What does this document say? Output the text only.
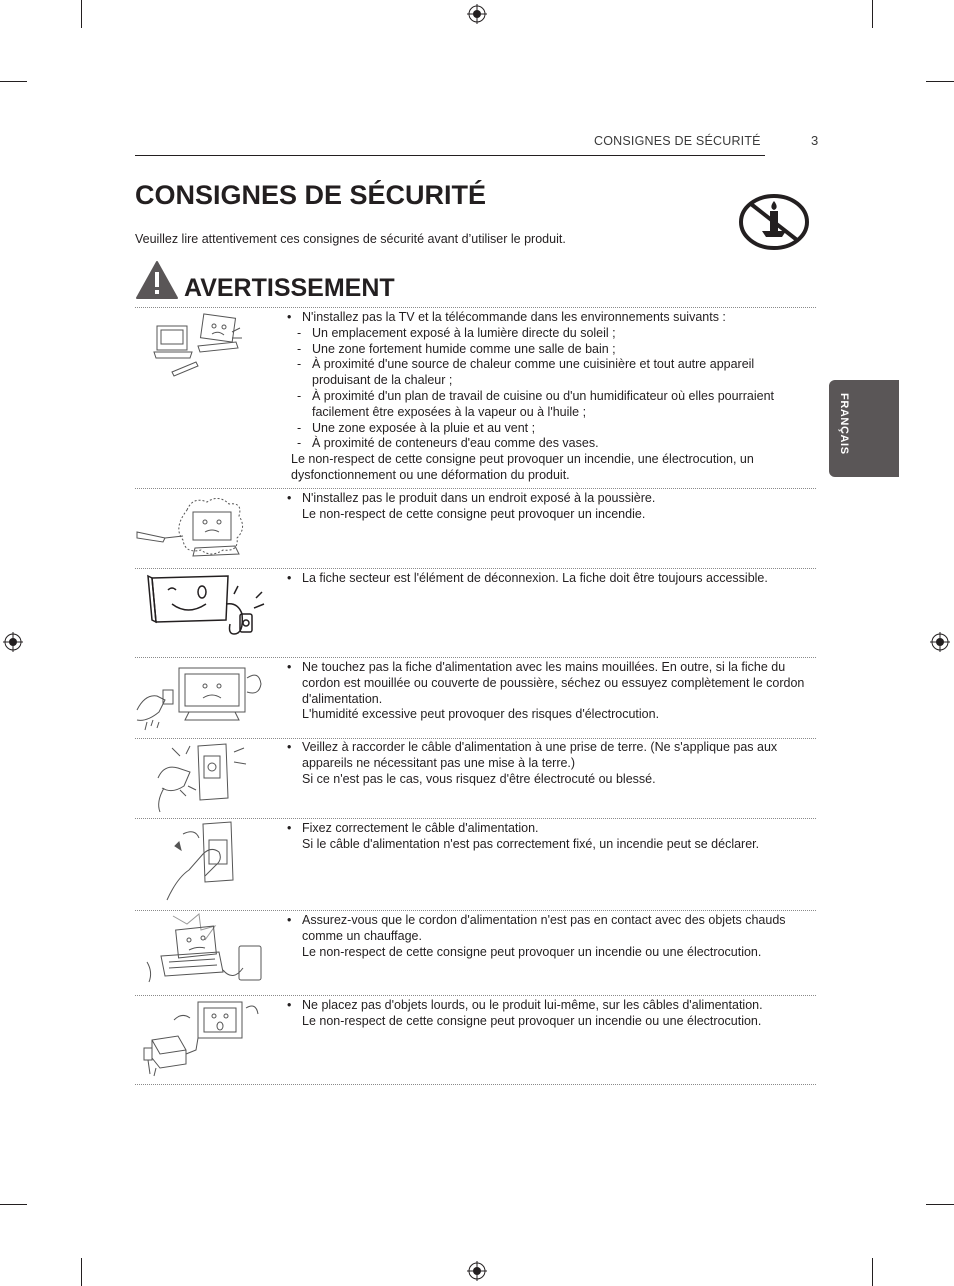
CONSIGNES DE SÉCURITÉ	3
CONSIGNES DE SÉCURITÉ
Veuillez lire attentivement ces consignes de sécurité avant d’utiliser le produit.
AVERTISSEMENT
FRANÇAIS
• N'installez pas la TV et la télécommande dans les environnements suivants :
- Un emplacement exposé à la lumière directe du soleil ;
- Une zone fortement humide comme une salle de bain ;
- À proximité d'une source de chaleur comme une cuisinière et tout autre appareil produisant de la chaleur ;
- À proximité d'un plan de travail de cuisine ou d'un humidificateur où elles pourraient facilement être exposées à la vapeur ou à l'huile ;
- Une zone exposée à la pluie et au vent ;
- À proximité de conteneurs d'eau comme des vases.
Le non-respect de cette consigne peut provoquer un incendie, une électrocution, un dysfonctionnement ou une déformation du produit.
• N'installez pas le produit dans un endroit exposé à la poussière.
Le non-respect de cette consigne peut provoquer un incendie.
• La fiche secteur est l'élément de déconnexion. La fiche doit être toujours accessible.
• Ne touchez pas la fiche d'alimentation avec les mains mouillées. En outre, si la fiche du cordon est mouillée ou couverte de poussière, séchez ou essuyez complètement le cordon d'alimentation.
L'humidité excessive peut provoquer des risques d'électrocution.
• Veillez à raccorder le câble d'alimentation à une prise de terre. (Ne s'applique pas aux appareils ne nécessitant pas une mise à la terre.)
Si ce n'est pas le cas, vous risquez d'être électrocuté ou blessé.
• Fixez correctement le câble d'alimentation.
Si le câble d'alimentation n'est pas correctement fixé, un incendie peut se déclarer.
• Assurez-vous que le cordon d'alimentation n'est pas en contact avec des objets chauds comme un chauffage.
Le non-respect de cette consigne peut provoquer un incendie ou une électrocution.
• Ne placez pas d'objets lourds, ou le produit lui-même, sur les câbles d'alimentation.
Le non-respect de cette consigne peut provoquer un incendie ou une électrocution.
